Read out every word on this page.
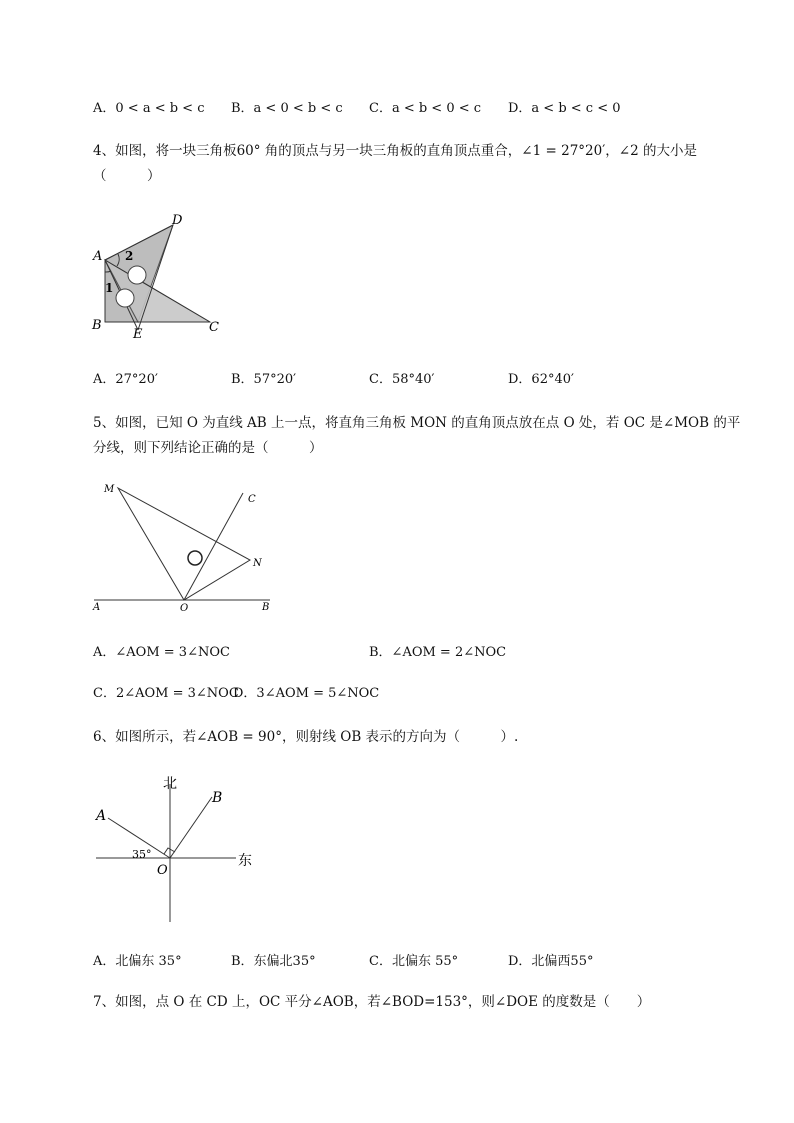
A．0 < a < b < c B．a < 0 < b < c C．a < b < 0 < c D．a < b < c < 0
4、如图，将一块三角板60° 角的顶点与另一块三角板的直角顶点重合，∠1 = 27°20′，∠2 的大小是
（　　　）
A
B	C
D
E
1
2
A．27°20′	B．57°20′	C．58°40′	D．62°40′
5、如图，已知 O 为直线 AB 上一点，将直角三角板 MON 的直角顶点放在点 O 处，若 OC 是∠MOB 的平
分线，则下列结论正确的是（　　　）
M
C
N
A	O	B
A．∠AOM = 3∠NOC	B．∠AOM = 2∠NOC
C．2∠AOM = 3∠NOC
D．3∠AOM = 5∠NOC
6、如图所示，若∠AOB = 90°，则射线 OB 表示的方向为（　　　）.
北
东
A
B
O
35°
A．北偏东 35°	B．东偏北35°	C．北偏东 55°	D．北偏西55°
7、如图，点 O 在 CD 上，OC 平分∠AOB，若∠BOD=153°，则∠DOE 的度数是（　　）
